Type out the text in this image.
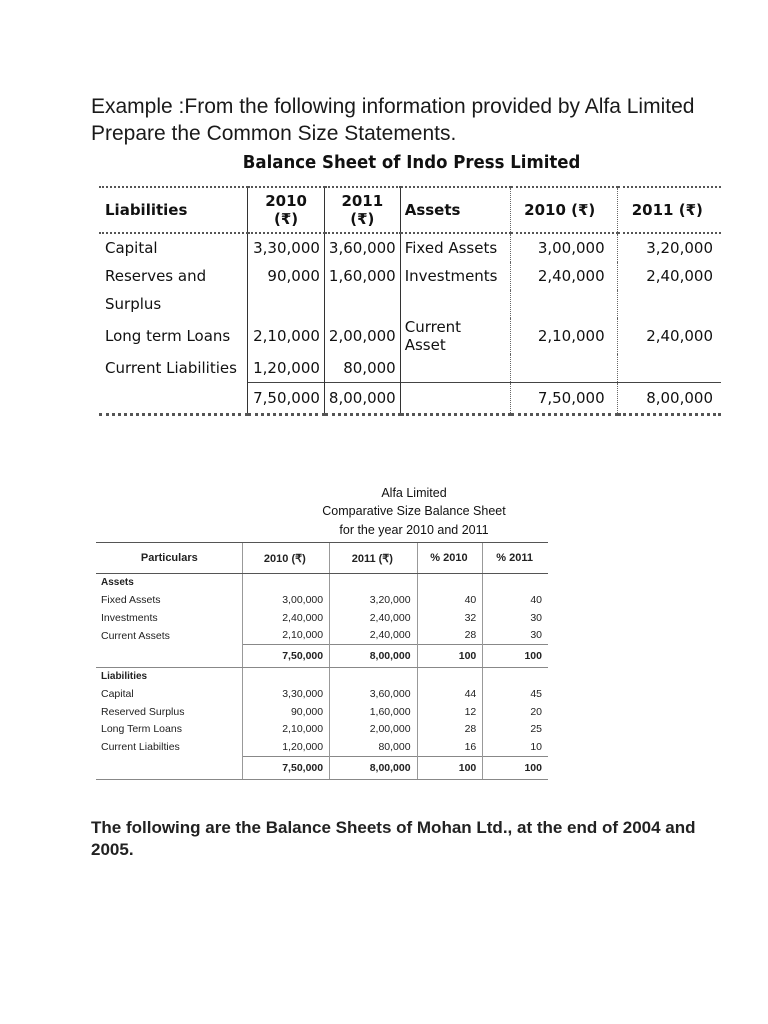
Example :From the following information provided by Alfa Limited Prepare the Common Size Statements.
Balance Sheet of Indo Press Limited
Liabilities	2010 (₹)	2011 (₹)	Assets	2010 (₹)	2011 (₹)
Capital	3,30,000	3,60,000	Fixed Assets	3,00,000	3,20,000
Reserves and	90,000	1,60,000	Investments	2,40,000	2,40,000
Surplus					
Long term Loans	2,10,000	2,00,000	Current Asset	2,10,000	2,40,000
Current Liabilities	1,20,000	80,000			
	7,50,000	8,00,000		7,50,000	8,00,000
Alfa Limited
Comparative Size Balance Sheet
for the year 2010 and 2011
Particulars	2010 (₹)	2011 (₹)	% 2010	% 2011
Assets				
Fixed Assets	3,00,000	3,20,000	40	40
Investments	2,40,000	2,40,000	32	30
Current Assets	2,10,000	2,40,000	28	30
	7,50,000	8,00,000	100	100
Liabilities				
Capital	3,30,000	3,60,000	44	45
Reserved Surplus	90,000	1,60,000	12	20
Long Term Loans	2,10,000	2,00,000	28	25
Current Liabilties	1,20,000	80,000	16	10
	7,50,000	8,00,000	100	100
The following are the Balance Sheets of Mohan Ltd., at the end of 2004 and 2005.
